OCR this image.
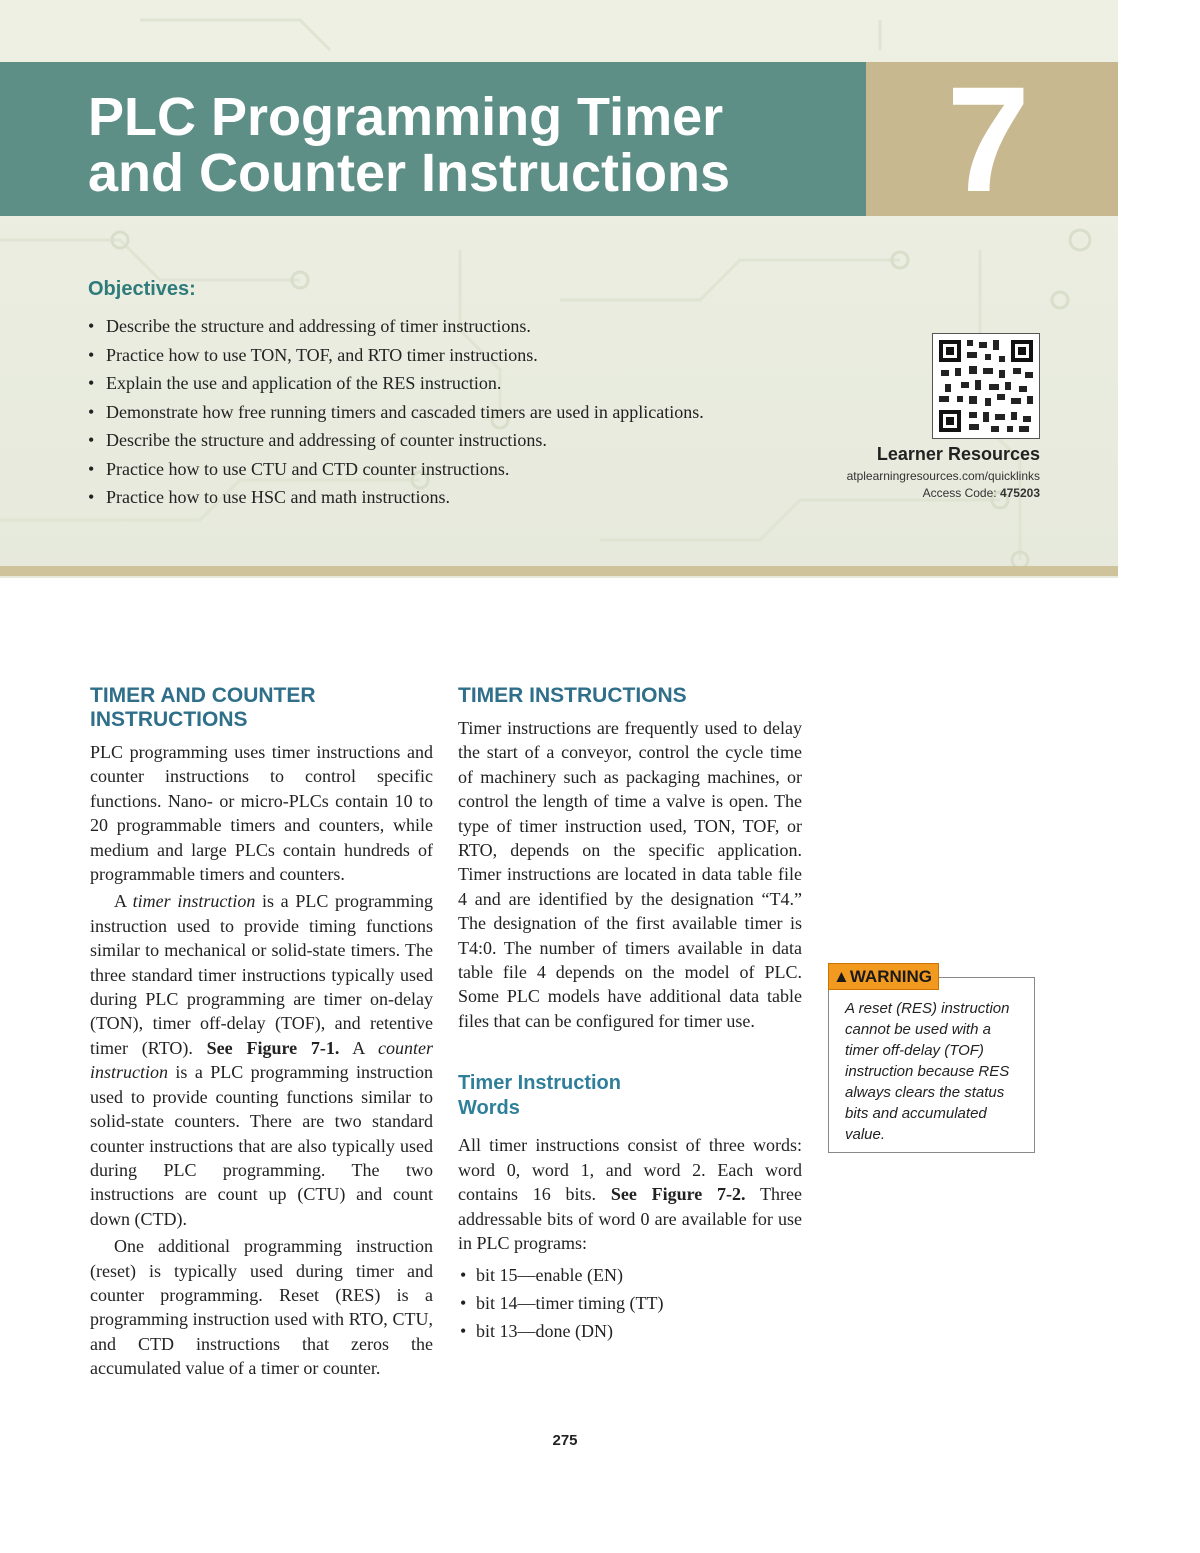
7
PLC Programming Timer
and Counter Instructions
Objectives:
• Describe the structure and addressing of timer instructions.
• Practice how to use TON, TOF, and RTO timer instructions.
• Explain the use and application of the RES instruction.
• Demonstrate how free running timers and cascaded timers are used in applications.
• Describe the structure and addressing of counter instructions.
• Practice how to use CTU and CTD counter instructions.
• Practice how to use HSC and math instructions.
Learner Resources
atplearningresources.com/quicklinks
Access Code: 475203
TIMER AND COUNTER INSTRUCTIONS

PLC programming uses timer instructions and counter instructions to control specific functions. Nano- or micro-PLCs contain 10 to 20 programmable timers and counters, while medium and large PLCs contain hundreds of programmable timers and counters.

A timer instruction is a PLC programming instruction used to provide timing functions similar to mechanical or solid-state timers. The three standard timer instructions typically used during PLC programming are timer on-delay (TON), timer off-delay (TOF), and retentive timer (RTO). See Figure 7-1. A counter instruction is a PLC programming instruction used to provide counting functions similar to solid-state counters. There are two standard counter instructions that are also typically used during PLC programming. The two instructions are count up (CTU) and count down (CTD).

One additional programming instruction (reset) is typically used during timer and counter programming. Reset (RES) is a programming instruction used with RTO, CTU, and CTD instructions that zeros the accumulated value of a timer or counter.

TIMER INSTRUCTIONS

Timer instructions are frequently used to delay the start of a conveyor, control the cycle time of machinery such as packaging machines, or control the length of time a valve is open. The type of timer instruction used, TON, TOF, or RTO, depends on the specific application. Timer instructions are located in data table file 4 and are identified by the designation “T4.” The designation of the first available timer is T4:0. The number of timers available in data table file 4 depends on the model of PLC. Some PLC models have additional data table files that can be configured for timer use.

Timer Instruction Words

All timer instructions consist of three words: word 0, word 1, and word 2. Each word contains 16 bits. See Figure 7-2. Three addressable bits of word 0 are available for use in PLC programs:

• bit 15—enable (EN)
• bit 14—timer timing (TT)
• bit 13—done (DN)
▲WARNING
A reset (RES) instruction cannot be used with a timer off-delay (TOF) instruction because RES always clears the status bits and accumulated value.
275
